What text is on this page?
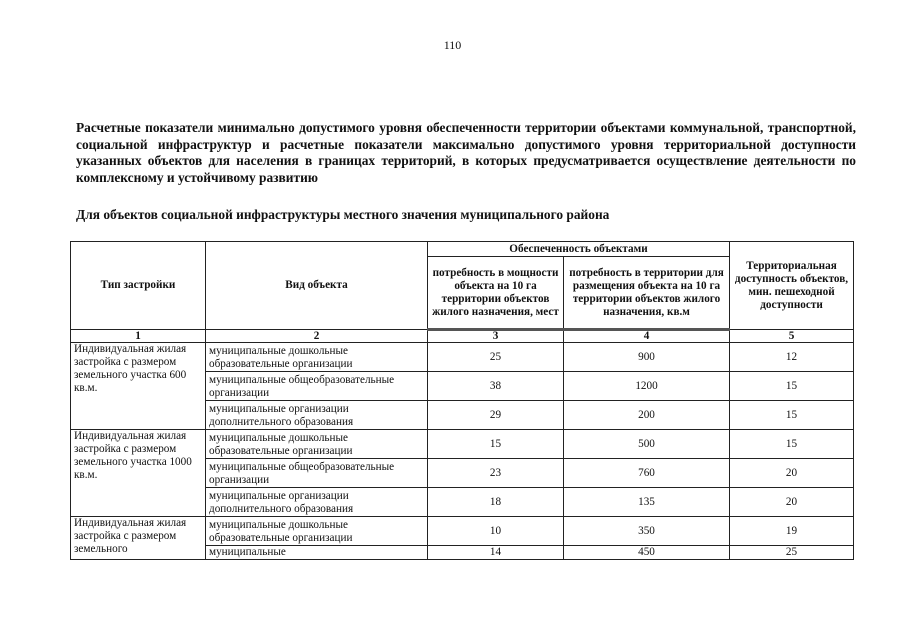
110
Расчетные показатели минимально допустимого уровня обеспеченности территории объектами коммунальной, транспортной, социальной инфраструктур и расчетные показатели максимально допустимого уровня территориальной доступности указанных объектов для населения в границах территорий, в которых предусматривается осуществление деятельности по комплексному и устойчивому развитию
Для объектов социальной инфраструктуры местного значения муниципального района
Тип застройки	Вид объекта	Обеспеченность объектами		Территориальная доступность объектов, мин. пешеходной доступности
		потребность в мощности объекта на 10 га территории объектов жилого назначения, мест	потребность в территории для размещения объекта на 10 га территории объектов жилого назначения, кв.м	
1	2	3	4	5
Индивидуальная жилая застройка с размером земельного участка 600 кв.м.	муниципальные дошкольные образовательные организации	25	900	12
	муниципальные общеобразовательные организации	38	1200	15
	муниципальные организации дополнительного образования	29	200	15
Индивидуальная жилая застройка с размером земельного участка 1000 кв.м.	муниципальные дошкольные образовательные организации	15	500	15
	муниципальные общеобразовательные организации	23	760	20
	муниципальные организации дополнительного образования	18	135	20
Индивидуальная жилая застройка с размером земельного	муниципальные дошкольные образовательные организации	10	350	19
	муниципальные	14	450	25
